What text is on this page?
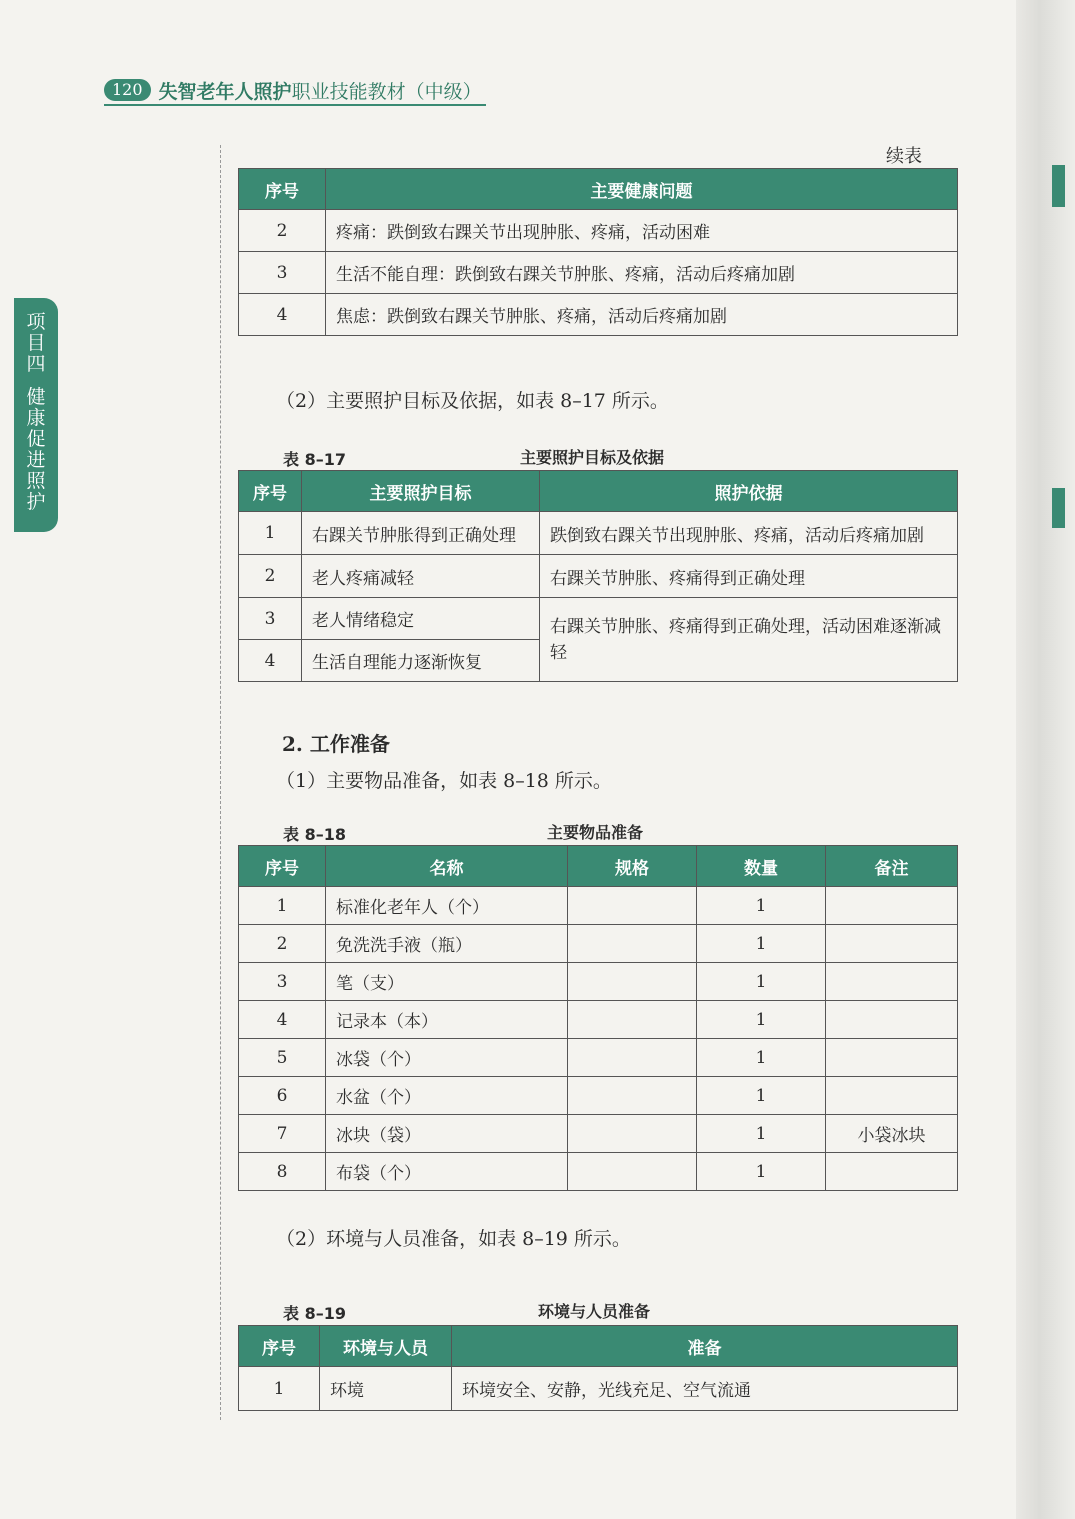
120 失智老年人照护职业技能教材（中级）
项
目
四
健
康
促
进
照
护
续表
序号	主要健康问题
2	疼痛：跌倒致右踝关节出现肿胀、疼痛，活动困难
3	生活不能自理：跌倒致右踝关节肿胀、疼痛，活动后疼痛加剧
4	焦虑：跌倒致右踝关节肿胀、疼痛，活动后疼痛加剧
（2）主要照护目标及依据，如表 8–17 所示。
表 8–17	主要照护目标及依据
序号	主要照护目标	照护依据
1	右踝关节肿胀得到正确处理	跌倒致右踝关节出现肿胀、疼痛，活动后疼痛加剧
2	老人疼痛减轻	右踝关节肿胀、疼痛得到正确处理
3	老人情绪稳定	右踝关节肿胀、疼痛得到正确处理，活动困难逐渐减轻
4	生活自理能力逐渐恢复	
2. 工作准备
（1）主要物品准备，如表 8–18 所示。
表 8–18	主要物品准备
序号	名称	规格	数量	备注
1	标准化老年人（个）		1	
2	免洗洗手液（瓶）		1	
3	笔（支）		1	
4	记录本（本）		1	
5	冰袋（个）		1	
6	水盆（个）		1	
7	冰块（袋）		1	小袋冰块
8	布袋（个）		1	
（2）环境与人员准备，如表 8–19 所示。
表 8–19	环境与人员准备
序号	环境与人员	准备
1	环境	环境安全、安静，光线充足、空气流通
